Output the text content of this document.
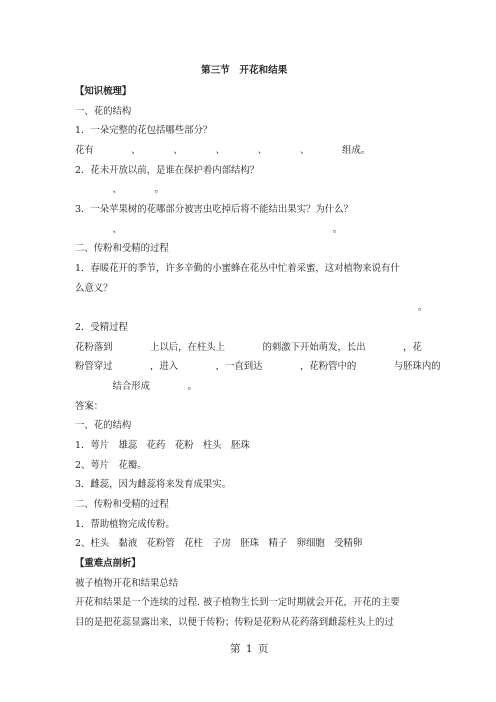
第三节　开花和结果
【知识梳理】
一、花的结构
1．一朵完整的花包括哪些部分？
花有　　　　、　　　　、　　　　、　　　　、　　　　、　　　　组成。
2．花未开放以前，是谁在保护着内部结构？
　　　　、　　　　。
3．一朵苹果树的花哪部分被害虫吃掉后将不能结出果实？为什么？
　　　　、　　　　　　　　　　　　　　　　　　　　　　　。
二、传粉和受精的过程
1．春暖花开的季节，许多辛勤的小蜜蜂在花丛中忙着采蜜，这对植物来说有什
么意义？
。
2．受精过程
花粉落到　　　　上以后，在柱头上　　　　的刺激下开始萌发，长出　　　　，花
粉管穿过　　　　，进入　　　　，一直到达　　　　，花粉管中的　　　　与胚珠内的
　　　　结合形成　　　　。
答案：
一、花的结构
1．萼片　雄蕊　花药　花粉　柱头　胚珠
2、萼片　花瓣。
3．雌蕊，因为雌蕊将来发育成果实。
二、传粉和受精的过程
1．帮助植物完成传粉。
2、柱头　黏液　花粉管　花柱　子房　胚珠　精子　卵细胞　受精卵
【重难点剖析】
被子植物开花和结果总结
开花和结果是一个连续的过程. 被子植物生长到一定时期就会开花，开花的主要
目的是把花蕊显露出来，以便于传粉；传粉是花粉从花药落到雌蕊柱头上的过
第 1 页
